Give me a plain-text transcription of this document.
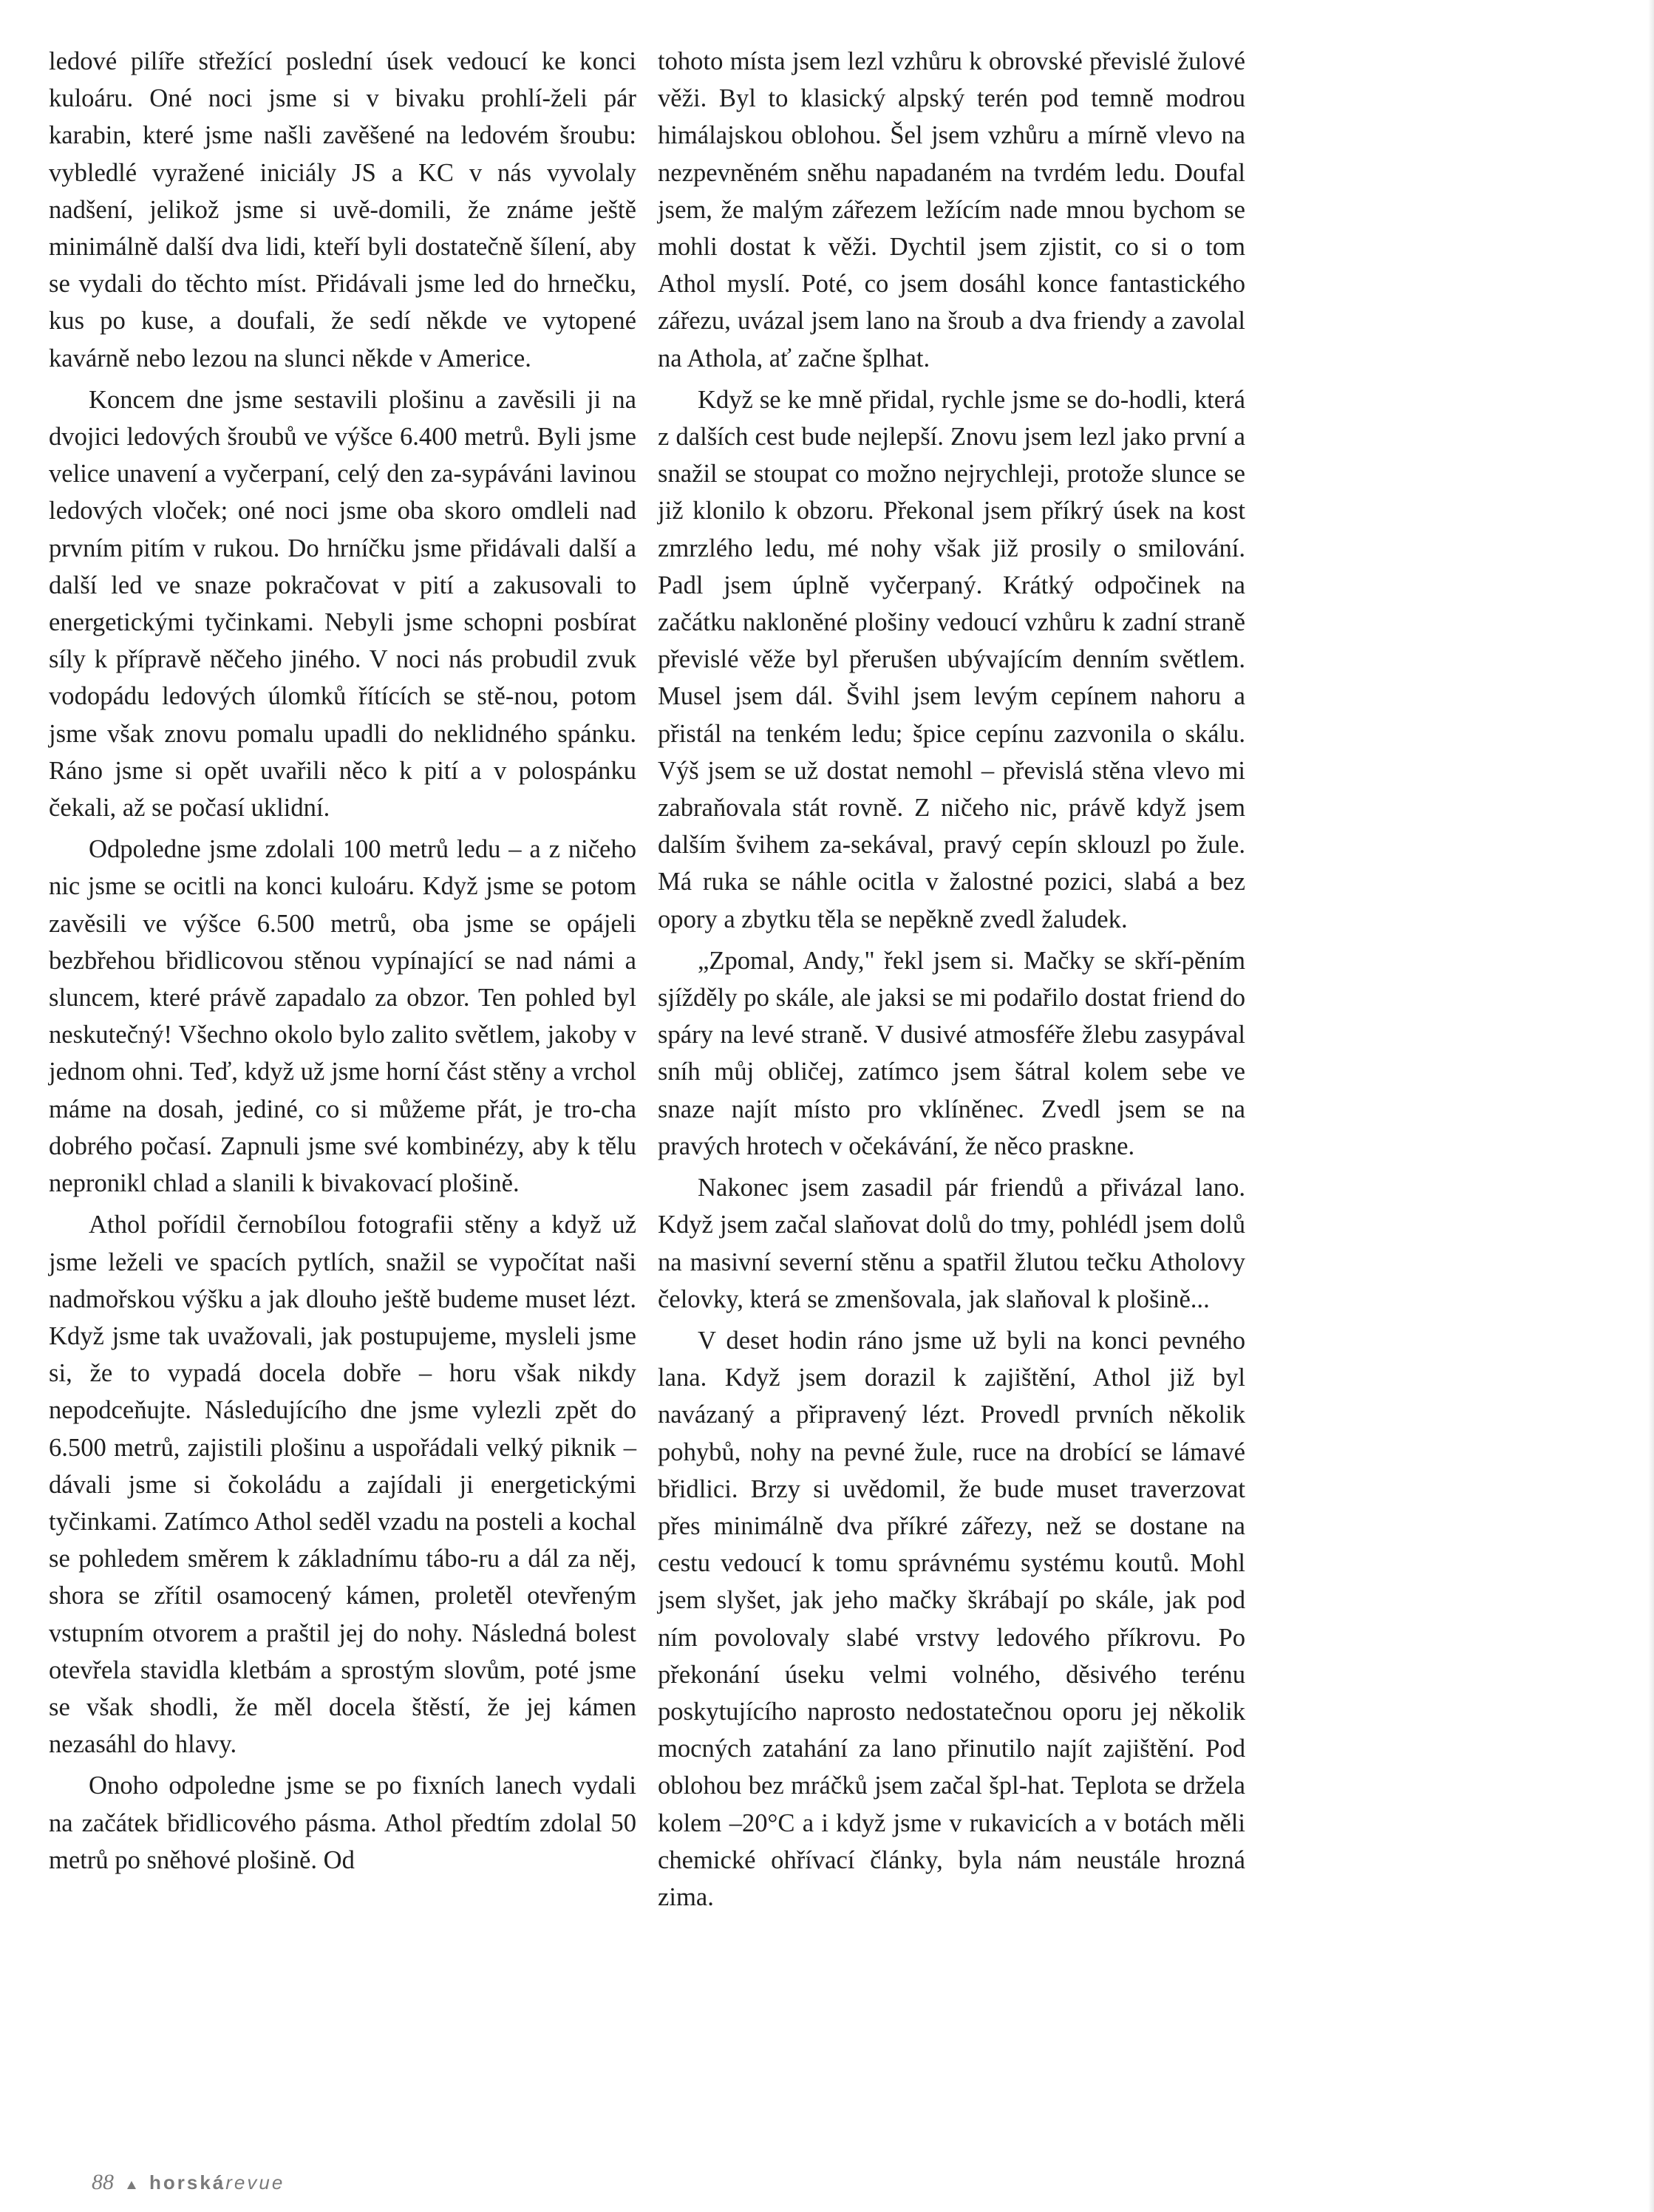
ledové pilíře střežící poslední úsek vedoucí ke konci kuloáru. Oné noci jsme si v bivaku prohlí-želi pár karabin, které jsme našli zavěšené na ledovém šroubu: vybledlé vyražené iniciály JS a KC v nás vyvolaly nadšení, jelikož jsme si uvě-domili, že známe ještě minimálně další dva lidi, kteří byli dostatečně šílení, aby se vydali do těchto míst. Přidávali jsme led do hrnečku, kus po kuse, a doufali, že sedí někde ve vytopené kavárně nebo lezou na slunci někde v Americe.

Koncem dne jsme sestavili plošinu a zavěsili ji na dvojici ledových šroubů ve výšce 6.400 metrů. Byli jsme velice unavení a vyčerpaní, celý den za-sypáváni lavinou ledových vloček; oné noci jsme oba skoro omdleli nad prvním pitím v rukou. Do hrníčku jsme přidávali další a další led ve snaze pokračovat v pití a zakusovali to energetickými tyčinkami. Nebyli jsme schopni posbírat síly k přípravě něčeho jiného. V noci nás probudil zvuk vodopádu ledových úlomků řítících se stě-nou, potom jsme však znovu pomalu upadli do neklidného spánku. Ráno jsme si opět uvařili něco k pití a v polospánku čekali, až se počasí uklidní.

Odpoledne jsme zdolali 100 metrů ledu – a z ničeho nic jsme se ocitli na konci kuloáru. Když jsme se potom zavěsili ve výšce 6.500 metrů, oba jsme se opájeli bezbřehou břidlicovou stěnou vypínající se nad námi a sluncem, které právě zapadalo za obzor. Ten pohled byl neskutečný! Všechno okolo bylo zalito světlem, jakoby v jednom ohni. Teď, když už jsme horní část stěny a vrchol máme na dosah, jediné, co si můžeme přát, je tro-cha dobrého počasí. Zapnuli jsme své kombinézy, aby k tělu nepronikl chlad a slanili k bivakovací plošině.

Athol pořídil černobílou fotografii stěny a když už jsme leželi ve spacích pytlích, snažil se vypočítat naši nadmořskou výšku a jak dlouho ještě budeme muset lézt. Když jsme tak uvažovali, jak postupujeme, mysleli jsme si, že to vypadá docela dobře – horu však nikdy nepodceňujte. Následujícího dne jsme vylezli zpět do 6.500 metrů, zajistili plošinu a uspořádali velký piknik – dávali jsme si čokoládu a zajídali ji energetickými tyčinkami. Zatímco Athol seděl vzadu na posteli a kochal se pohledem směrem k základnímu tábo-ru a dál za něj, shora se zřítil osamocený kámen, proletěl otevřeným vstupním otvorem a praštil jej do nohy. Následná bolest otevřela stavidla kletbám a sprostým slovům, poté jsme se však shodli, že měl docela štěstí, že jej kámen nezasáhl do hlavy.

Onoho odpoledne jsme se po fixních lanech vydali na začátek břidlicového pásma. Athol předtím zdolal 50 metrů po sněhové plošině. Od

tohoto místa jsem lezl vzhůru k obrovské převislé žulové věži. Byl to klasický alpský terén pod temně modrou himálajskou oblohou. Šel jsem vzhůru a mírně vlevo na nezpevněném sněhu napadaném na tvrdém ledu. Doufal jsem, že malým zářezem ležícím nade mnou bychom se mohli dostat k věži. Dychtil jsem zjistit, co si o tom Athol myslí. Poté, co jsem dosáhl konce fantastického zářezu, uvázal jsem lano na šroub a dva friendy a zavolal na Athola, ať začne šplhat.

Když se ke mně přidal, rychle jsme se do-hodli, která z dalších cest bude nejlepší. Znovu jsem lezl jako první a snažil se stoupat co možno nejrychleji, protože slunce se již klonilo k obzoru. Překonal jsem příkrý úsek na kost zmrzlého ledu, mé nohy však již prosily o smilování. Padl jsem úplně vyčerpaný. Krátký odpočinek na začátku nakloněné plošiny vedoucí vzhůru k zadní straně převislé věže byl přerušen ubývajícím denním světlem. Musel jsem dál. Švihl jsem levým cepínem nahoru a přistál na tenkém ledu; špice cepínu zazvonila o skálu. Výš jsem se už dostat nemohl – převislá stěna vlevo mi zabraňovala stát rovně. Z ničeho nic, právě když jsem dalším švihem za-sekával, pravý cepín sklouzl po žule. Má ruka se náhle ocitla v žalostné pozici, slabá a bez opory a zbytku těla se nepěkně zvedl žaludek.

„Zpomal, Andy," řekl jsem si. Mačky se skří-pěním sjížděly po skále, ale jaksi se mi podařilo dostat friend do spáry na levé straně. V dusivé atmosféře žlebu zasypával sníh můj obličej, zatímco jsem šátral kolem sebe ve snaze najít místo pro vklíněnec. Zvedl jsem se na pravých hrotech v očekávání, že něco praskne.

Nakonec jsem zasadil pár friendů a přivázal lano. Když jsem začal slaňovat dolů do tmy, pohlédl jsem dolů na masivní severní stěnu a spatřil žlutou tečku Atholovy čelovky, která se zmenšovala, jak slaňoval k plošině...

V deset hodin ráno jsme už byli na konci pevného lana. Když jsem dorazil k zajištění, Athol již byl navázaný a připravený lézt. Provedl prvních několik pohybů, nohy na pevné žule, ruce na drobící se lámavé břidlici. Brzy si uvědomil, že bude muset traverzovat přes minimálně dva příkré zářezy, než se dostane na cestu vedoucí k tomu správnému systému koutů. Mohl jsem slyšet, jak jeho mačky škrábají po skále, jak pod ním povolovaly slabé vrstvy ledového příkrovu. Po překonání úseku velmi volného, děsivého terénu poskytujícího naprosto nedostatečnou oporu jej několik mocných zatahání za lano přinutilo najít zajištění. Pod oblohou bez mráčků jsem začal špl-hat. Teplota se držela kolem –20°C a i když jsme v rukavicích a v botách měli chemické ohřívací články, byla nám neustále hrozná zima.

88 horskárevue
